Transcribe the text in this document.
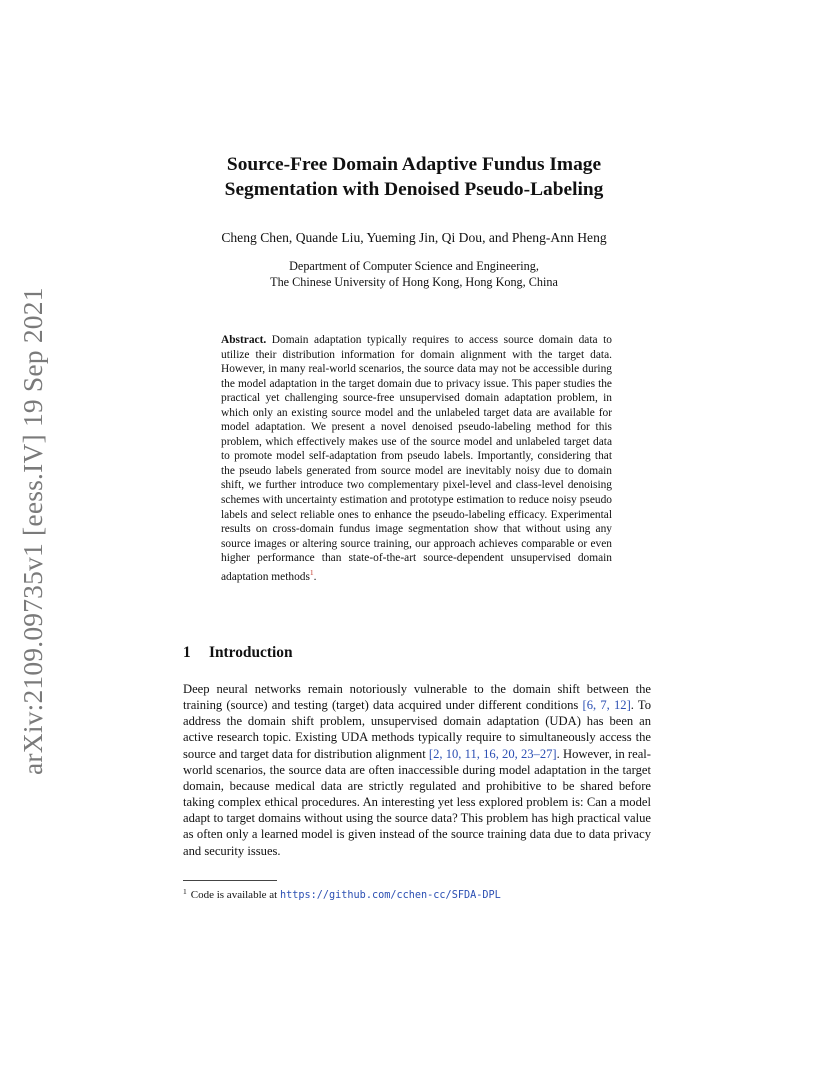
arXiv:2109.09735v1 [eess.IV] 19 Sep 2021
Source-Free Domain Adaptive Fundus Image
Segmentation with Denoised Pseudo-Labeling
Cheng Chen, Quande Liu, Yueming Jin, Qi Dou, and Pheng-Ann Heng
Department of Computer Science and Engineering,
The Chinese University of Hong Kong, Hong Kong, China
Abstract. Domain adaptation typically requires to access source domain data to utilize their distribution information for domain alignment with the target data. However, in many real-world scenarios, the source data may not be accessible during the model adaptation in the target domain due to privacy issue. This paper studies the practical yet challenging source-free unsupervised domain adaptation problem, in which only an existing source model and the unlabeled target data are available for model adaptation. We present a novel denoised pseudo-labeling method for this problem, which effectively makes use of the source model and unlabeled target data to promote model self-adaptation from pseudo labels. Importantly, considering that the pseudo labels generated from source model are inevitably noisy due to domain shift, we further introduce two complementary pixel-level and class-level denoising schemes with uncertainty estimation and prototype estimation to reduce noisy pseudo labels and select reliable ones to enhance the pseudo-labeling efficacy. Experimental results on cross-domain fundus image segmentation show that without using any source images or altering source training, our approach achieves comparable or even higher performance than state-of-the-art source-dependent unsupervised domain adaptation methods$^1$.
1 Introduction
Deep neural networks remain notoriously vulnerable to the domain shift between the training (source) and testing (target) data acquired under different conditions [6, 7, 12]. To address the domain shift problem, unsupervised domain adaptation (UDA) has been an active research topic. Existing UDA methods typically require to simultaneously access the source and target data for distribution alignment [2, 10, 11, 16, 20, 23–27]. However, in real-world scenarios, the source data are often inaccessible during model adaptation in the target domain, because medical data are strictly regulated and prohibitive to be shared before taking complex ethical procedures. An interesting yet less explored problem is: Can a model adapt to target domains without using the source data? This problem has high practical value as often only a learned model is given instead of the source training data due to data privacy and security issues.
$^1$ Code is available at https://github.com/cchen-cc/SFDA-DPL
